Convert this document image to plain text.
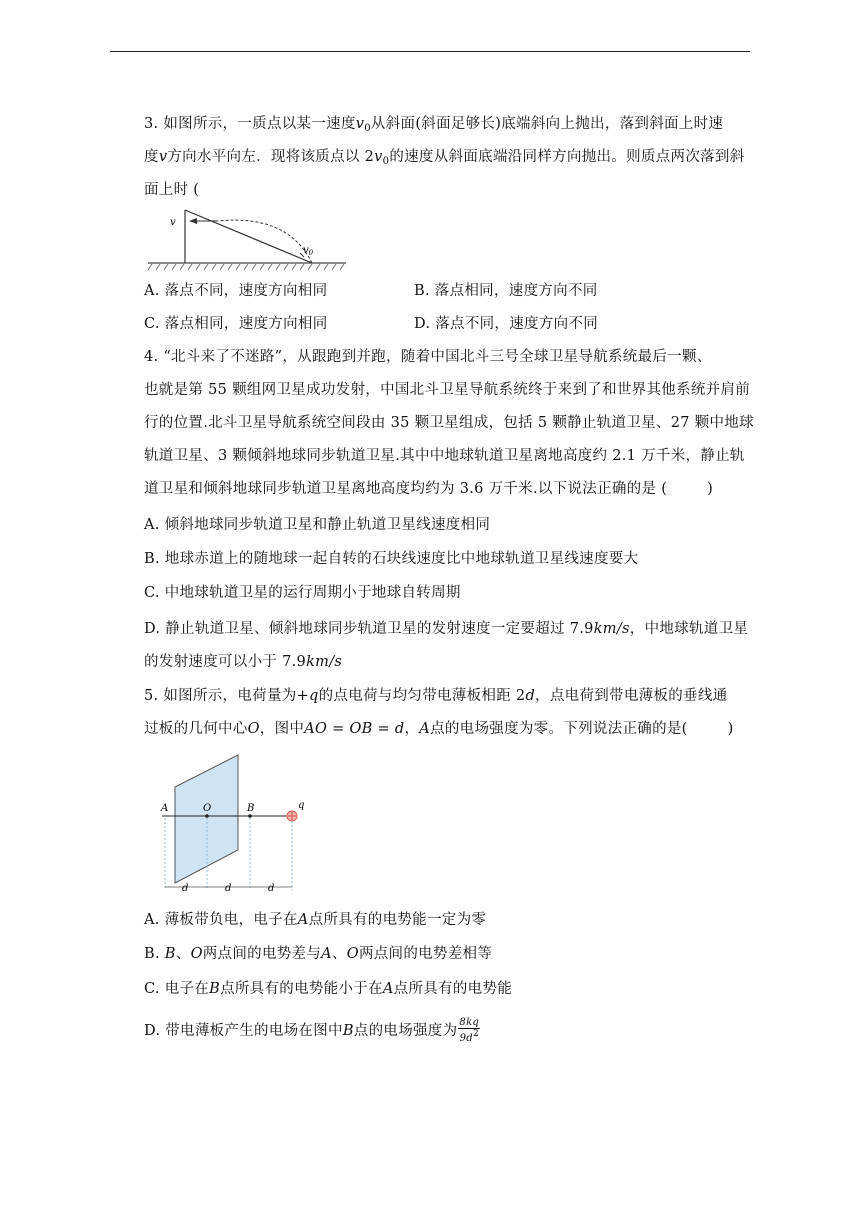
3. 如图所示，一质点以某一速度$v_0$从斜面(斜面足够长)底端斜向上抛出，落到斜面上时速
度v方向水平向左．现将该质点以 $2v_0$的速度从斜面底端沿同样方向抛出。则质点两次落到斜
面上时 (
v
$v_0$
A. 落点不同，速度方向相同	B. 落点相同，速度方向不同
C. 落点相同，速度方向相同	D. 落点不同，速度方向不同
4. “北斗来了不迷路”，从跟跑到并跑，随着中国北斗三号全球卫星导航系统最后一颗、
也就是第 55 颗组网卫星成功发射，中国北斗卫星导航系统终于来到了和世界其他系统并肩前
行的位置.北斗卫星导航系统空间段由 35 颗卫星组成，包括 5 颗静止轨道卫星、27 颗中地球
轨道卫星、3 颗倾斜地球同步轨道卫星.其中中地球轨道卫星离地高度约 2.1 万千米，静止轨
道卫星和倾斜地球同步轨道卫星离地高度均约为 3.6 万千米.以下说法正确的是 (	)
A. 倾斜地球同步轨道卫星和静止轨道卫星线速度相同
B. 地球赤道上的随地球一起自转的石块线速度比中地球轨道卫星线速度要大
C. 中地球轨道卫星的运行周期小于地球自转周期
D. 静止轨道卫星、倾斜地球同步轨道卫星的发射速度一定要超过 7.9km/s，中地球轨道卫星
的发射速度可以小于 7.9km/s
5. 如图所示，电荷量为+q的点电荷与均匀带电薄板相距 2d，点电荷到带电薄板的垂线通
过板的几何中心O，图中AO = OB = d，A点的电场强度为零。下列说法正确的是(	)
A	O	B	q
d	d	d
A. 薄板带负电，电子在A点所具有的电势能一定为零
B. B、O两点间的电势差与A、O两点间的电势差相等
C. 电子在B点所具有的电势能小于在A点所具有的电势能
D. 带电薄板产生的电场在图中B点的电场强度为 $\frac{8kq}{9d2}$
